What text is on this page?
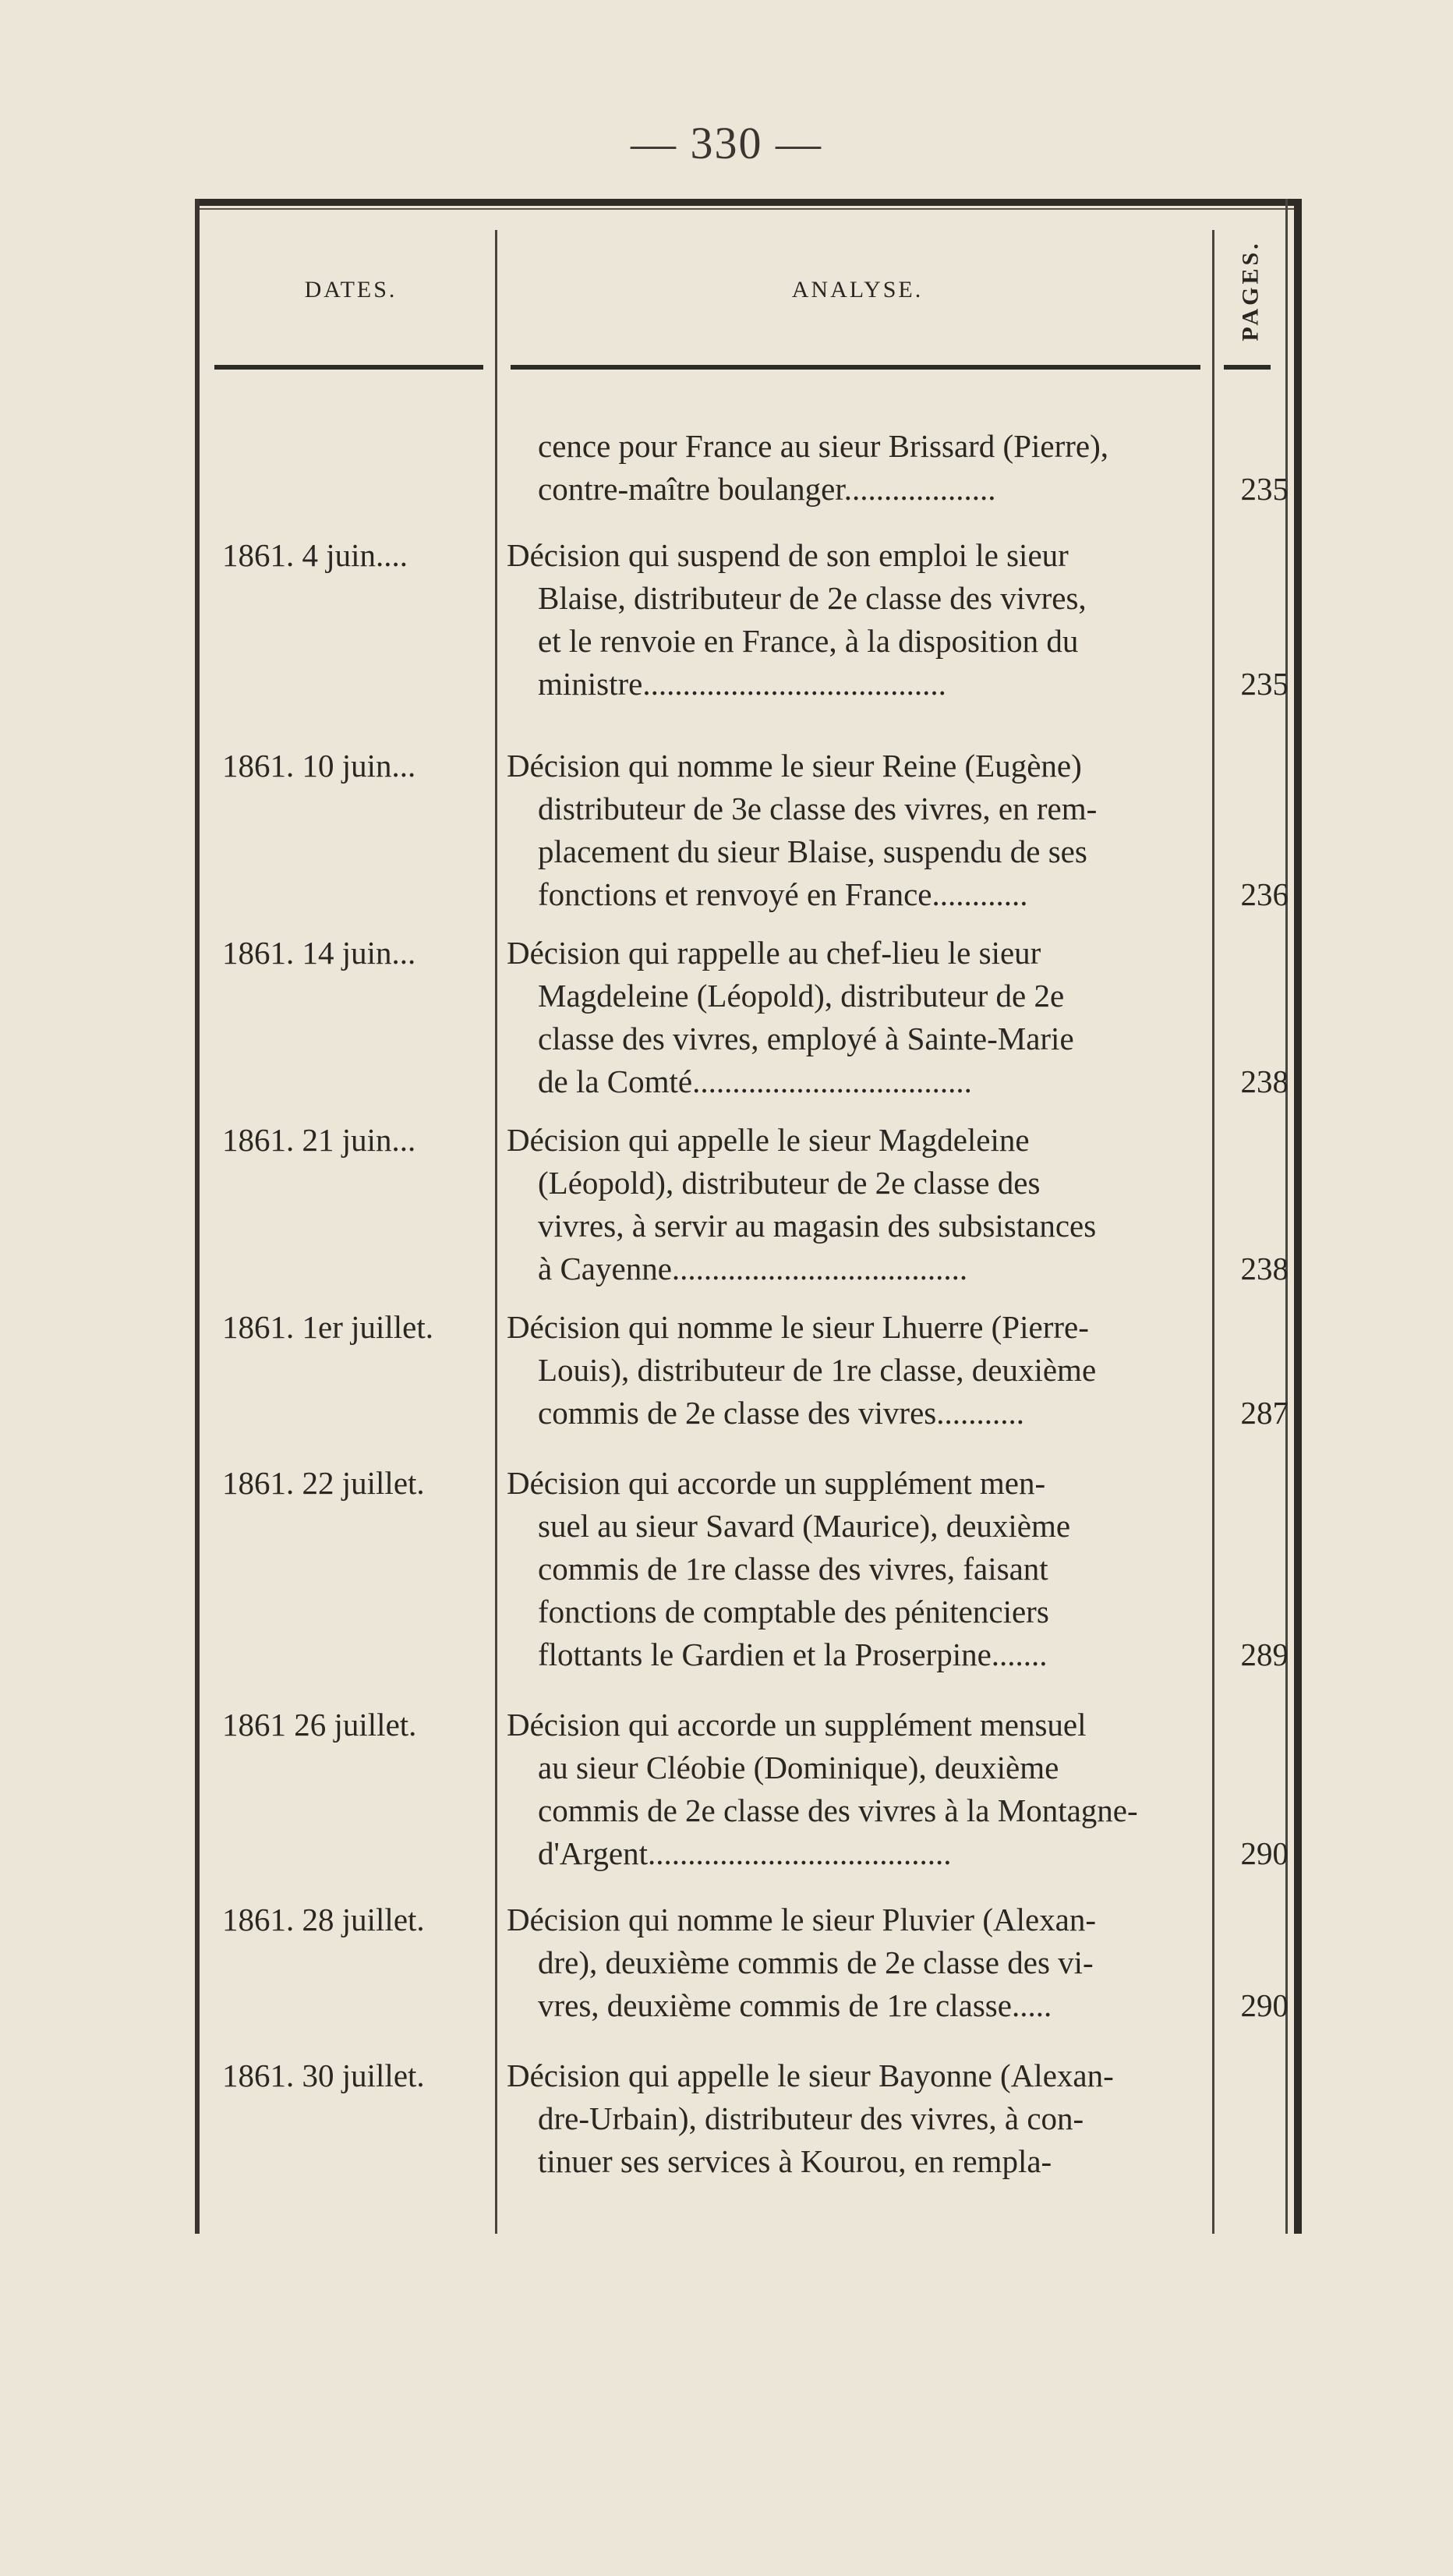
— 330 —
DATES.	ANALYSE.	PAGES.
cence pour France au sieur Brissard (Pierre),
contre-maître boulanger...................	235
1861. 4 juin....	Décision qui suspend de son emploi le sieur
Blaise, distributeur de 2e classe des vivres,
et le renvoie en France, à la disposition du
ministre......................................	235
1861. 10 juin...	Décision qui nomme le sieur Reine (Eugène)
distributeur de 3e classe des vivres, en rem-
placement du sieur Blaise, suspendu de ses
fonctions et renvoyé en France............	236
1861. 14 juin...	Décision qui rappelle au chef-lieu le sieur
Magdeleine (Léopold), distributeur de 2e
classe des vivres, employé à Sainte-Marie
de la Comté...................................	238
1861. 21 juin...	Décision qui appelle le sieur Magdeleine
(Léopold), distributeur de 2e classe des
vivres, à servir au magasin des subsistances
à Cayenne.....................................	238
1861. 1er juillet.	Décision qui nomme le sieur Lhuerre (Pierre-
Louis), distributeur de 1re classe, deuxième
commis de 2e classe des vivres...........	287
1861. 22 juillet.	Décision qui accorde un supplément men-
suel au sieur Savard (Maurice), deuxième
commis de 1re classe des vivres, faisant
fonctions de comptable des pénitenciers
flottants le Gardien et la Proserpine.......	289
1861 26 juillet.	Décision qui accorde un supplément mensuel
au sieur Cléobie (Dominique), deuxième
commis de 2e classe des vivres à la Montagne-
d'Argent......................................	290
1861. 28 juillet.	Décision qui nomme le sieur Pluvier (Alexan-
dre), deuxième commis de 2e classe des vi-
vres, deuxième commis de 1re classe.....	290
1861. 30 juillet.	Décision qui appelle le sieur Bayonne (Alexan-
dre-Urbain), distributeur des vivres, à con-
tinuer ses services à Kourou, en rempla-
